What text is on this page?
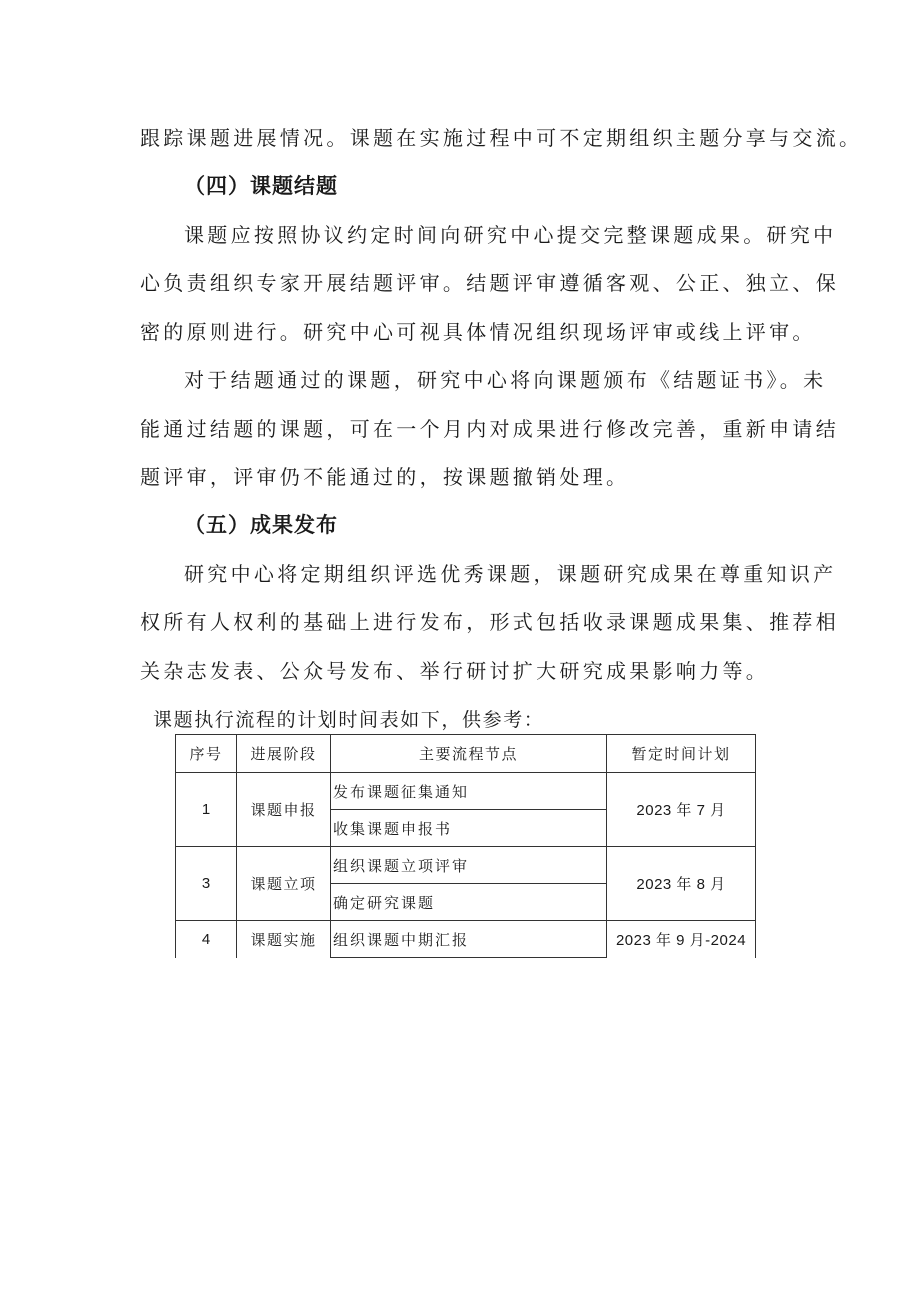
跟踪课题进展情况。课题在实施过程中可不定期组织主题分享与交流。
（四）课题结题
课题应按照协议约定时间向研究中心提交完整课题成果。研究中
心负责组织专家开展结题评审。结题评审遵循客观、公正、独立、保
密的原则进行。研究中心可视具体情况组织现场评审或线上评审。
对于结题通过的课题，研究中心将向课题颁布《结题证书》。未
能通过结题的课题，可在一个月内对成果进行修改完善，重新申请结
题评审，评审仍不能通过的，按课题撤销处理。
（五）成果发布
研究中心将定期组织评选优秀课题，课题研究成果在尊重知识产
权所有人权利的基础上进行发布，形式包括收录课题成果集、推荐相
关杂志发表、公众号发布、举行研讨扩大研究成果影响力等。
课题执行流程的计划时间表如下，供参考：
序号	进展阶段	主要流程节点	暂定时间计划
1	课题申报	发布课题征集通知	2023 年 7 月
		收集课题申报书	
3	课题立项	组织课题立项评审	2023 年 8 月
		确定研究课题	
4	课题实施	组织课题中期汇报	2023 年 9 月-2024
